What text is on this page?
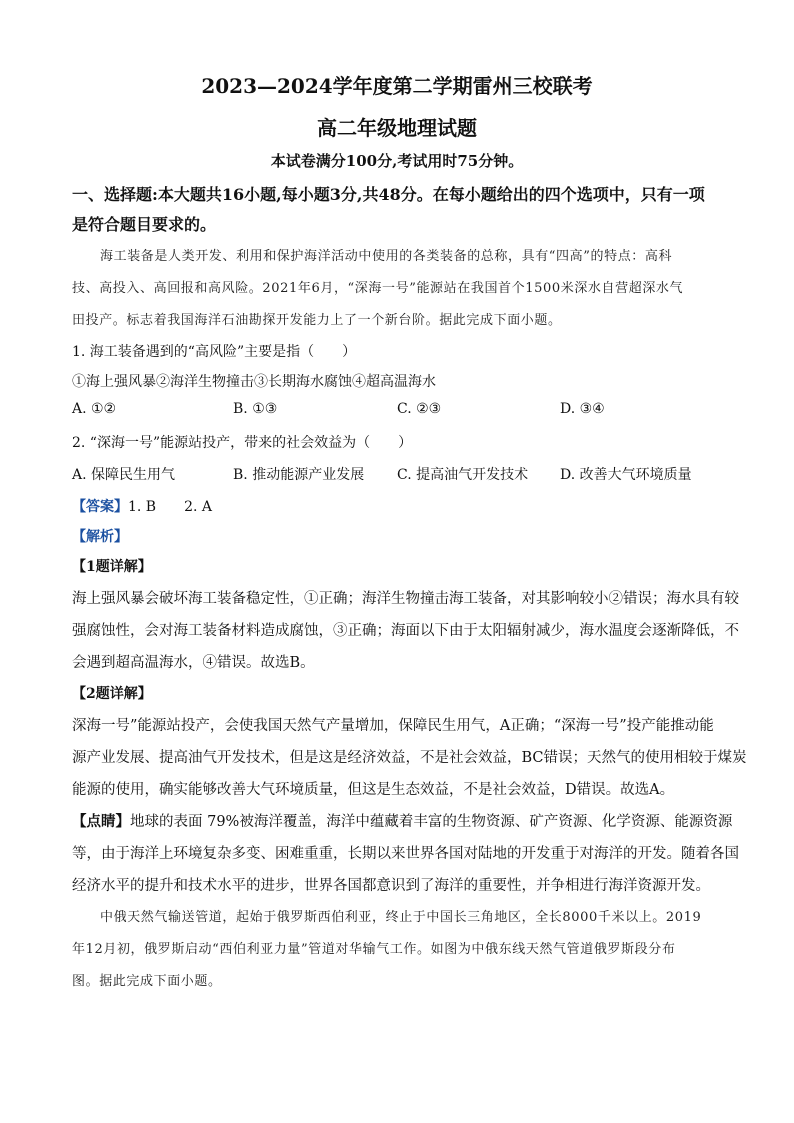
2023—2024学年度第二学期雷州三校联考
高二年级地理试题
本试卷满分100分,考试用时75分钟。
一、选择题:本大题共16小题,每小题3分,共48分。在每小题给出的四个选项中，只有一项
是符合题目要求的。
海工装备是人类开发、利用和保护海洋活动中使用的各类装备的总称，具有“四高”的特点：高科
技、高投入、高回报和高风险。2021年6月，“深海一号”能源站在我国首个1500米深水自营超深水气
田投产。标志着我国海洋石油勘探开发能力上了一个新台阶。据此完成下面小题。
1. 海工装备遇到的“高风险”主要是指（　　）
①海上强风暴②海洋生物撞击③长期海水腐蚀④超高温海水
A. ①②	B. ①③	C. ②③	D. ③④
2. “深海一号”能源站投产，带来的社会效益为（　　）
A. 保障民生用气	B. 推动能源产业发展 C. 提高油气开发技术 D. 改善大气环境质量
【答案】1. B　　2. A
【解析】
【1题详解】
海上强风暴会破坏海工装备稳定性，①正确；海洋生物撞击海工装备，对其影响较小②错误；海水具有较
强腐蚀性，会对海工装备材料造成腐蚀，③正确；海面以下由于太阳辐射减少，海水温度会逐渐降低，不
会遇到超高温海水，④错误。故选B。
【2题详解】
深海一号”能源站投产，会使我国天然气产量增加，保障民生用气，A正确；“深海一号”投产能推动能
源产业发展、提高油气开发技术，但是这是经济效益，不是社会效益，BC错误；天然气的使用相较于煤炭
能源的使用，确实能够改善大气环境质量，但这是生态效益，不是社会效益，D错误。故选A。
【点睛】地球的表面 79%被海洋覆盖，海洋中蕴藏着丰富的生物资源、矿产资源、化学资源、能源资源
等，由于海洋上环境复杂多变、困难重重，长期以来世界各国对陆地的开发重于对海洋的开发。随着各国
经济水平的提升和技术水平的进步，世界各国都意识到了海洋的重要性，并争相进行海洋资源开发。
中俄天然气输送管道，起始于俄罗斯西伯利亚，终止于中国长三角地区，全长8000千米以上。2019
年12月初，俄罗斯启动“西伯利亚力量”管道对华输气工作。如图为中俄东线天然气管道俄罗斯段分布
图。据此完成下面小题。
